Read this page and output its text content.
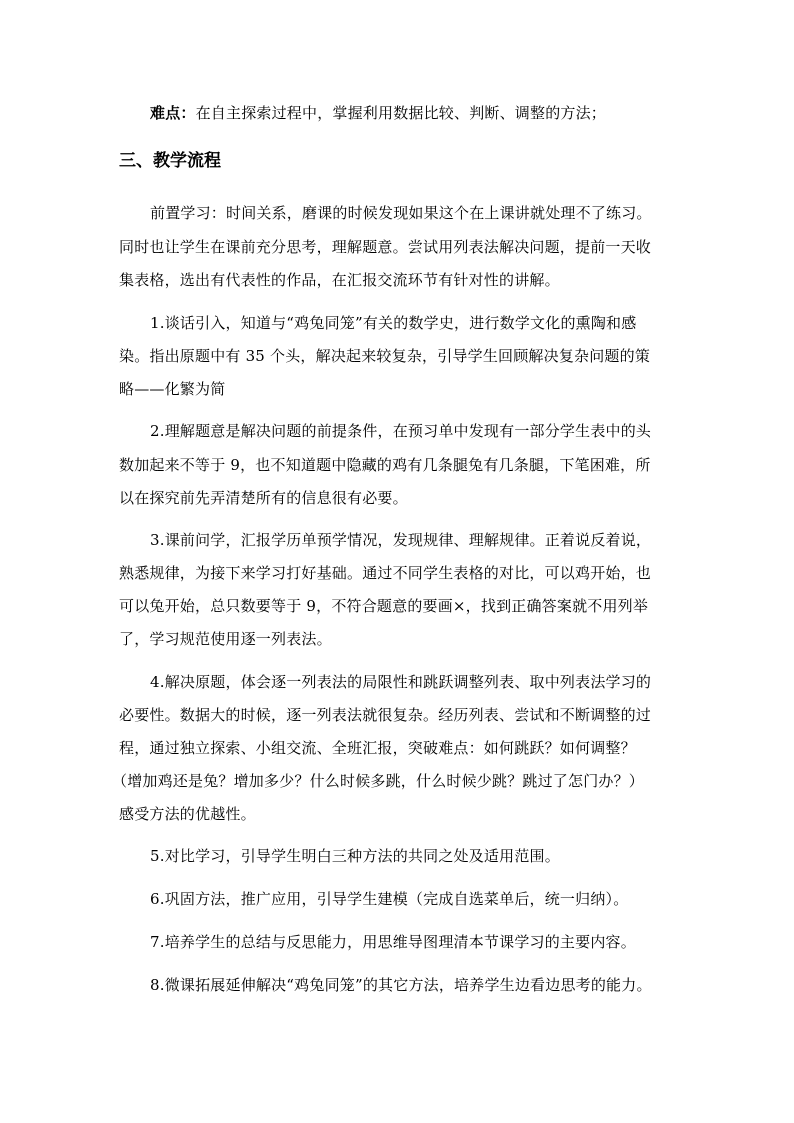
难点：在自主探索过程中，掌握利用数据比较、判断、调整的方法；
三、教学流程
前置学习：时间关系，磨课的时候发现如果这个在上课讲就处理不了练习。
同时也让学生在课前充分思考，理解题意。尝试用列表法解决问题，提前一天收
集表格，选出有代表性的作品，在汇报交流环节有针对性的讲解。
1.谈话引入，知道与“鸡兔同笼”有关的数学史，进行数学文化的熏陶和感
染。指出原题中有 35 个头，解决起来较复杂，引导学生回顾解决复杂问题的策
略——化繁为简
2.理解题意是解决问题的前提条件，在预习单中发现有一部分学生表中的头
数加起来不等于 9，也不知道题中隐藏的鸡有几条腿兔有几条腿，下笔困难，所
以在探究前先弄清楚所有的信息很有必要。
3.课前问学，汇报学历单预学情况，发现规律、理解规律。正着说反着说，
熟悉规律，为接下来学习打好基础。通过不同学生表格的对比，可以鸡开始，也
可以兔开始，总只数要等于 9，不符合题意的要画×，找到正确答案就不用列举
了，学习规范使用逐一列表法。
4.解决原题，体会逐一列表法的局限性和跳跃调整列表、取中列表法学习的
必要性。数据大的时候，逐一列表法就很复杂。经历列表、尝试和不断调整的过
程，通过独立探索、小组交流、全班汇报，突破难点：如何跳跃？如何调整？
（增加鸡还是兔？增加多少？什么时候多跳，什么时候少跳？跳过了怎门办？）
感受方法的优越性。
5.对比学习，引导学生明白三种方法的共同之处及适用范围。
6.巩固方法，推广应用，引导学生建模（完成自选菜单后，统一归纳）。
7.培养学生的总结与反思能力，用思维导图理清本节课学习的主要内容。
8.微课拓展延伸解决“鸡兔同笼”的其它方法，培养学生边看边思考的能力。
